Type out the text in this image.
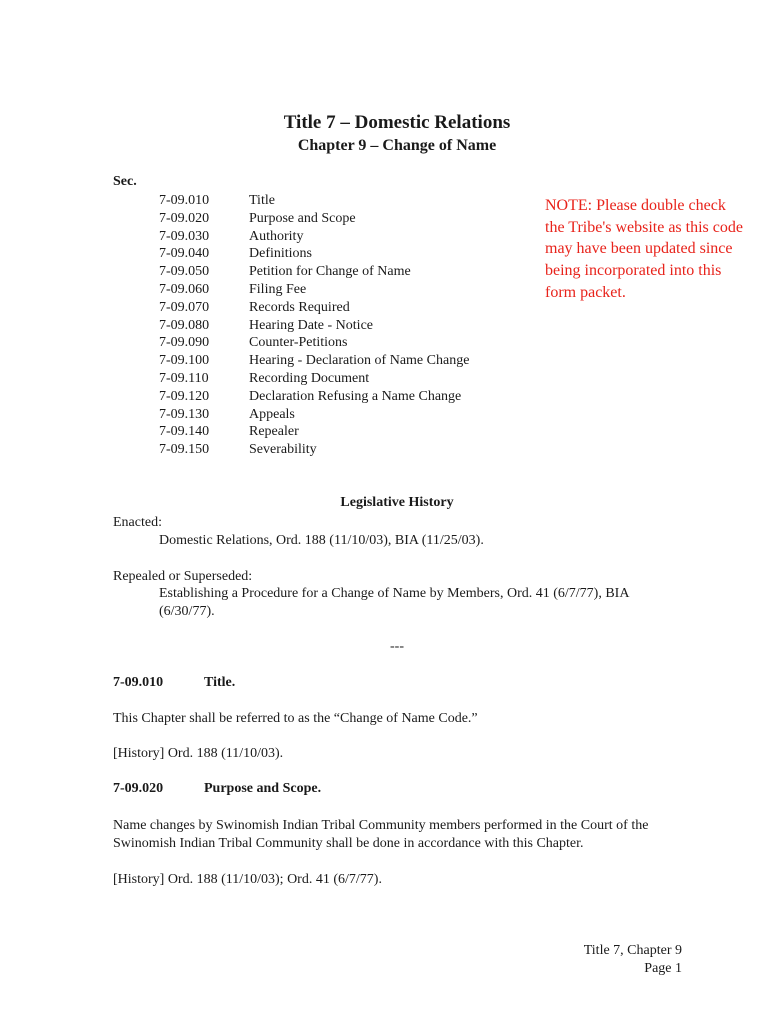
Title 7 – Domestic Relations
Chapter 9 – Change of Name
Sec.
7-09.010	Title
7-09.020	Purpose and Scope
7-09.030	Authority
7-09.040	Definitions
7-09.050	Petition for Change of Name
7-09.060	Filing Fee
7-09.070	Records Required
7-09.080	Hearing Date - Notice
7-09.090	Counter-Petitions
7-09.100	Hearing - Declaration of Name Change
7-09.110	Recording Document
7-09.120	Declaration Refusing a Name Change
7-09.130	Appeals
7-09.140	Repealer
7-09.150	Severability
NOTE: Please double check the Tribe's website as this code may have been updated since being incorporated into this form packet.
Legislative History

Enacted:

Domestic Relations, Ord. 188 (11/10/03), BIA (11/25/03).

Repealed or Superseded:

Establishing a Procedure for a Change of Name by Members, Ord. 41 (6/7/77), BIA (6/30/77).

---
7-09.010	Title.

This Chapter shall be referred to as the “Change of Name Code.”

[History] Ord. 188 (11/10/03).

7-09.020	Purpose and Scope.

Name changes by Swinomish Indian Tribal Community members performed in the Court of the Swinomish Indian Tribal Community shall be done in accordance with this Chapter.

[History] Ord. 188 (11/10/03); Ord. 41 (6/7/77).

Title 7, Chapter 9
Page 1
